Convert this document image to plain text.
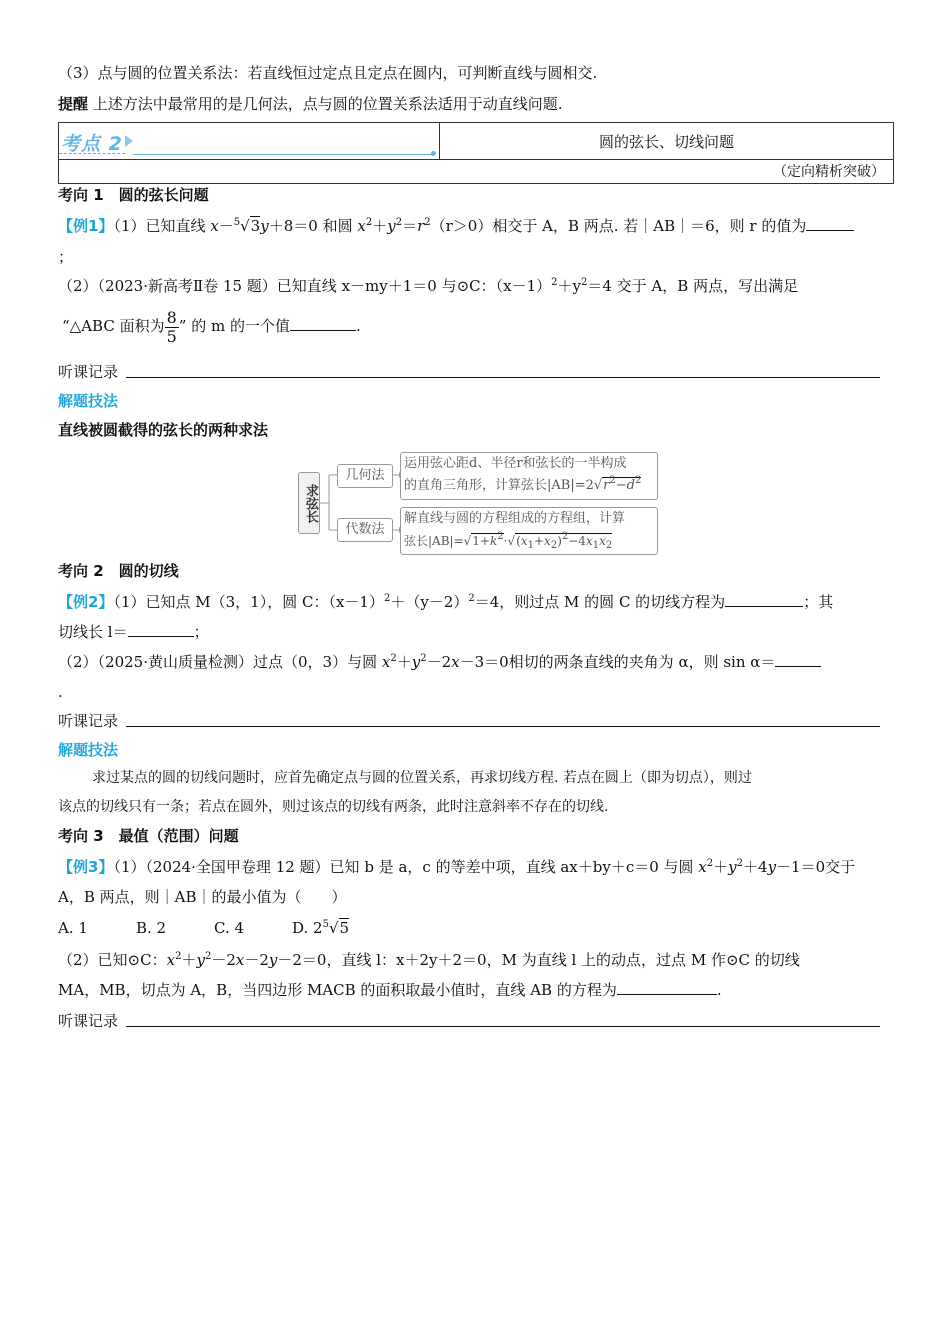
（3）点与圆的位置关系法：若直线恒过定点且定点在圆内，可判断直线与圆相交.
提醒 上述方法中最常用的是几何法，点与圆的位置关系法适用于动直线问题.
考点 2	圆的弦长、切线问题
（定向精析突破）
考向 1　圆的弦长问题
【例1】（1）已知直线 x－$^5$√3y＋8＝0 和圆 $x^2+y^2=r^2(r>0)$相交于 A，B 两点. 若｜AB｜＝6，则 r 的值为
；
（2）（2023·新高考Ⅱ卷 15 题）已知直线 x－my＋1＝0 与⊙C：$(x-1)^2+y^2=4$ 交于 A，B 两点，写出满足
“△ABC 面积为 $\frac{8}{5}$ ” 的 m 的一个值	.
听课记录
解题技法
直线被圆截得的弦长的两种求法
求弦长
几何法
运用弦心距d、半径r和弦长的一半构成
的直角三角形，计算弦长$|AB|=2√r^2-d^2$
代数法
解直线与圆的方程组成的方程组，计算
弦长$|AB|=√1+k^2\cdot√(x_1+x_2)^2-4x_1x_2$
考向 2　圆的切线
【例2】（1）已知点 M（3，1），圆 C：$(x-1)^2+(y-2)^2=4$，则过点 M 的圆 C 的切线方程为	；其
切线长 l＝	；
（2）（2025·黄山质量检测）过点（0，3）与圆 $x^2+y^2-2x-3=0$相切的两条直线的夹角为 α，则 sin α＝
.
听课记录
解题技法
求过某点的圆的切线问题时，应首先确定点与圆的位置关系，再求切线方程. 若点在圆上（即为切点），则过
该点的切线只有一条；若点在圆外，则过该点的切线有两条，此时注意斜率不存在的切线.
考向 3　最值（范围）问题
【例3】（1）（2024·全国甲卷理 12 题）已知 b 是 a，c 的等差中项，直线 ax＋by＋c＝0 与圆 $x^2+y^2+4y-1=0$交于
A，B 两点，则｜AB｜的最小值为（　　）
A. 1	B. 2	C. 4	D. $2^5√5$
（2）已知⊙C：$x^2+y^2-2x-2y-2=0$，直线 l：x＋2y＋2＝0，M 为直线 l 上的动点，过点 M 作⊙C 的切线
MA，MB，切点为 A，B，当四边形 MACB 的面积取最小值时，直线 AB 的方程为	.
听课记录
